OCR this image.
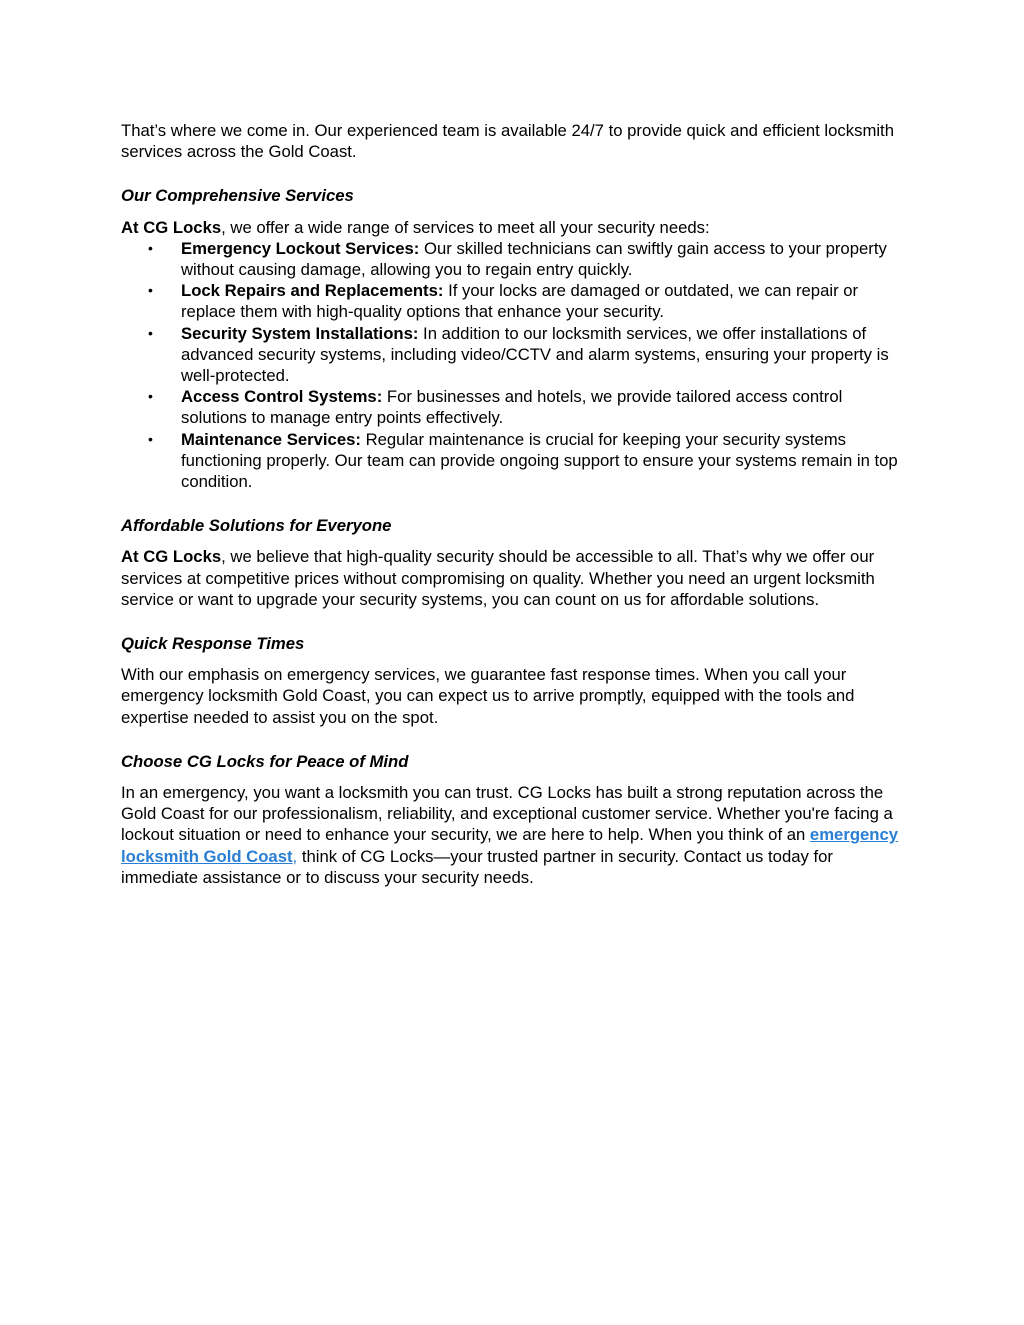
That’s where we come in. Our experienced team is available 24/7 to provide quick and efficient locksmith services across the Gold Coast.

Our Comprehensive Services

At CG Locks, we offer a wide range of services to meet all your security needs:

• Emergency Lockout Services: Our skilled technicians can swiftly gain access to your property without causing damage, allowing you to regain entry quickly.
• Lock Repairs and Replacements: If your locks are damaged or outdated, we can repair or replace them with high-quality options that enhance your security.
• Security System Installations: In addition to our locksmith services, we offer installations of advanced security systems, including video/CCTV and alarm systems, ensuring your property is well-protected.
• Access Control Systems: For businesses and hotels, we provide tailored access control solutions to manage entry points effectively.
• Maintenance Services: Regular maintenance is crucial for keeping your security systems functioning properly. Our team can provide ongoing support to ensure your systems remain in top condition.
Affordable Solutions for Everyone

At CG Locks, we believe that high-quality security should be accessible to all. That’s why we offer our services at competitive prices without compromising on quality. Whether you need an urgent locksmith service or want to upgrade your security systems, you can count on us for affordable solutions.

Quick Response Times

With our emphasis on emergency services, we guarantee fast response times. When you call your emergency locksmith Gold Coast, you can expect us to arrive promptly, equipped with the tools and expertise needed to assist you on the spot.

Choose CG Locks for Peace of Mind

In an emergency, you want a locksmith you can trust. CG Locks has built a strong reputation across the Gold Coast for our professionalism, reliability, and exceptional customer service. Whether you're facing a lockout situation or need to enhance your security, we are here to help. When you think of an emergency locksmith Gold Coast, think of CG Locks—your trusted partner in security. Contact us today for immediate assistance or to discuss your security needs.
